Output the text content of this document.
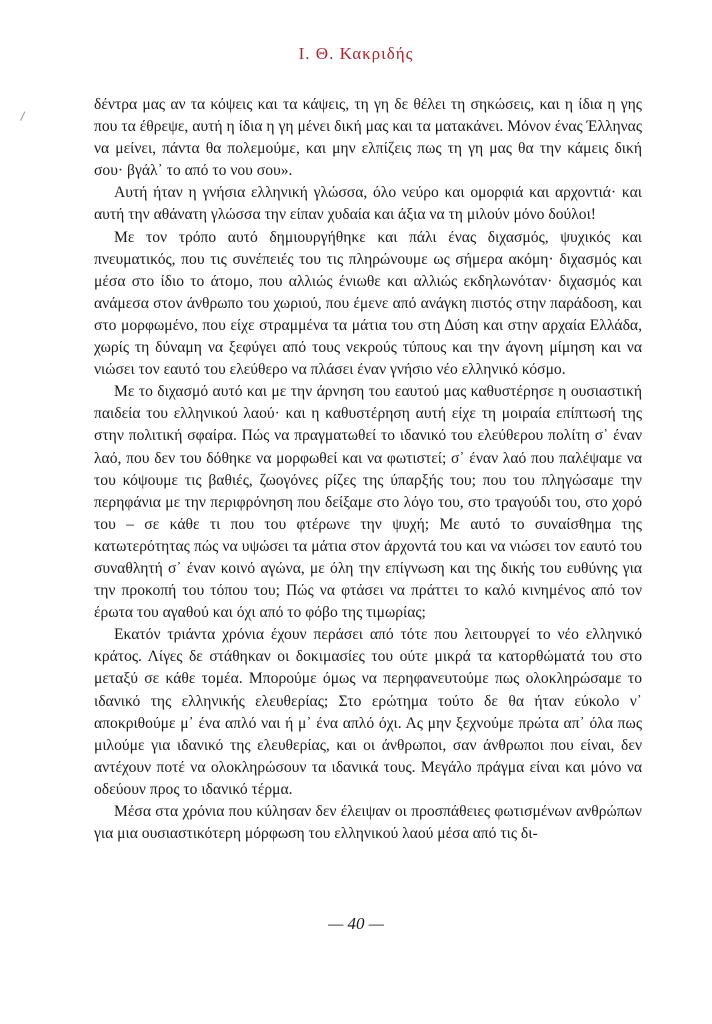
Ι. Θ. Κακριδής

δέντρα μας αν τα κόψεις και τα κάψεις, τη γη δε θέλει τη σηκώσεις, και η ίδια η γης που τα έθρεψε, αυτή η ίδια η γη μένει δική μας και τα ματακάνει. Μόνον ένας Έλληνας να μείνει, πάντα θα πολεμούμε, και μην ελπίζεις πως τη γη μας θα την κάμεις δική σου· βγάλ᾽ το από το νου σου».

Αυτή ήταν η γνήσια ελληνική γλώσσα, όλο νεύρο και ομορφιά και αρχοντιά· και αυτή την αθάνατη γλώσσα την είπαν χυδαία και άξια να τη μιλούν μόνο δούλοι!

Με τον τρόπο αυτό δημιουργήθηκε και πάλι ένας διχασμός, ψυχικός και πνευματικός, που τις συνέπειές του τις πληρώνουμε ως σήμερα ακόμη· διχασμός και μέσα στο ίδιο το άτομο, που αλλιώς ένιωθε και αλλιώς εκδηλωνόταν· διχασμός και ανάμεσα στον άνθρωπο του χωριού, που έμενε από ανάγκη πιστός στην παράδοση, και στο μορφωμένο, που είχε στραμμένα τα μάτια του στη Δύση και στην αρχαία Ελλάδα, χωρίς τη δύναμη να ξεφύγει από τους νεκρούς τύπους και την άγονη μίμηση και να νιώσει τον εαυτό του ελεύθερο να πλάσει έναν γνήσιο νέο ελληνικό κόσμο.

Με το διχασμό αυτό και με την άρνηση του εαυτού μας καθυστέρησε η ουσιαστική παιδεία του ελληνικού λαού· και η καθυστέρηση αυτή είχε τη μοιραία επίπτωσή της στην πολιτική σφαίρα. Πώς να πραγματωθεί το ιδανικό του ελεύθερου πολίτη σ᾽ έναν λαό, που δεν του δόθηκε να μορφωθεί και να φωτιστεί; σ᾽ έναν λαό που παλέψαμε να του κόψουμε τις βαθιές, ζωογόνες ρίζες της ύπαρξής του; που του πληγώσαμε την περηφάνια με την περιφρόνηση που δείξαμε στο λόγο του, στο τραγούδι του, στο χορό του – σε κάθε τι που του φτέρωνε την ψυχή; Με αυτό το συναίσθημα της κατωτερότητας πώς να υψώσει τα μάτια στον άρχοντά του και να νιώσει τον εαυτό του συναθλητή σ᾽ έναν κοινό αγώνα, με όλη την επίγνωση και της δικής του ευθύνης για την προκοπή του τόπου του; Πώς να φτάσει να πράττει το καλό κινημένος από τον έρωτα του αγαθού και όχι από το φόβο της τιμωρίας;

Εκατόν τριάντα χρόνια έχουν περάσει από τότε που λειτουργεί το νέο ελληνικό κράτος. Λίγες δε στάθηκαν οι δοκιμασίες του ούτε μικρά τα κατορθώματά του στο μεταξύ σε κάθε τομέα. Μπορούμε όμως να περηφανευτούμε πως ολοκληρώσαμε το ιδανικό της ελληνικής ελευθερίας; Στο ερώτημα τούτο δε θα ήταν εύκολο ν᾽ αποκριθούμε μ᾽ ένα απλό ναι ή μ᾽ ένα απλό όχι. Ας μην ξεχνούμε πρώτα απ᾽ όλα πως μιλούμε για ιδανικό της ελευθερίας, και οι άνθρωποι, σαν άνθρωποι που είναι, δεν αντέχουν ποτέ να ολοκληρώσουν τα ιδανικά τους. Μεγάλο πράγμα είναι και μόνο να οδεύουν προς το ιδανικό τέρμα.

Μέσα στα χρόνια που κύλησαν δεν έλειψαν οι προσπάθειες φωτισμένων ανθρώπων για μια ουσιαστικότερη μόρφωση του ελληνικού λαού μέσα από τις δι-

— 40 —
